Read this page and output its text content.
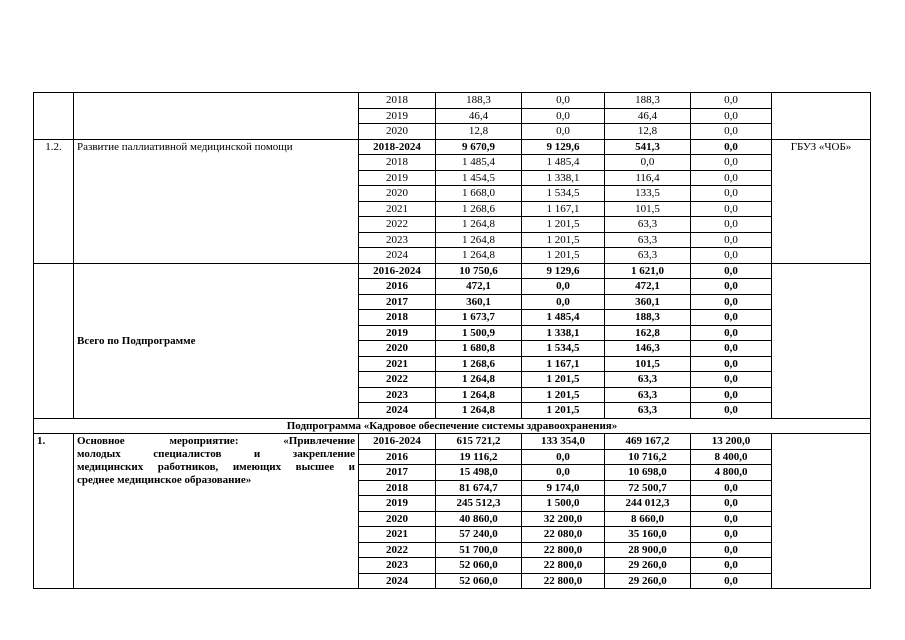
		2018	188,3	0,0	188,3	0,0	
		2019	46,4	0,0	46,4	0,0	
		2020	12,8	0,0	12,8	0,0	
1.2.	Развитие паллиативной медицинской помощи	2018-2024	9 670,9	9 129,6	541,3	0,0	ГБУЗ «ЧОБ»
		2018	1 485,4	1 485,4	0,0	0,0	
		2019	1 454,5	1 338,1	116,4	0,0	
		2020	1 668,0	1 534,5	133,5	0,0	
		2021	1 268,6	1 167,1	101,5	0,0	
		2022	1 264,8	1 201,5	63,3	0,0	
		2023	1 264,8	1 201,5	63,3	0,0	
		2024	1 264,8	1 201,5	63,3	0,0	
	Всего по Подпрограмме	2016-2024	10 750,6	9 129,6	1 621,0	0,0	
		2016	472,1	0,0	472,1	0,0	
		2017	360,1	0,0	360,1	0,0	
		2018	1 673,7	1 485,4	188,3	0,0	
		2019	1 500,9	1 338,1	162,8	0,0	
		2020	1 680,8	1 534,5	146,3	0,0	
		2021	1 268,6	1 167,1	101,5	0,0	
		2022	1 264,8	1 201,5	63,3	0,0	
		2023	1 264,8	1 201,5	63,3	0,0	
		2024	1 264,8	1 201,5	63,3	0,0	
Подпрограмма «Кадровое обеспечение системы здравоохранения»							
1.	Основное мероприятие: «Привлечение
молодых специалистов и закрепление
медицинских работников, имеющих высшее и
среднее медицинское образование»	2016-2024	615 721,2	133 354,0	469 167,2	13 200,0	
		2016	19 116,2	0,0	10 716,2	8 400,0	
		2017	15 498,0	0,0	10 698,0	4 800,0	
		2018	81 674,7	9 174,0	72 500,7	0,0	
		2019	245 512,3	1 500,0	244 012,3	0,0	
		2020	40 860,0	32 200,0	8 660,0	0,0	
		2021	57 240,0	22 080,0	35 160,0	0,0	
		2022	51 700,0	22 800,0	28 900,0	0,0	
		2023	52 060,0	22 800,0	29 260,0	0,0	
		2024	52 060,0	22 800,0	29 260,0	0,0	
